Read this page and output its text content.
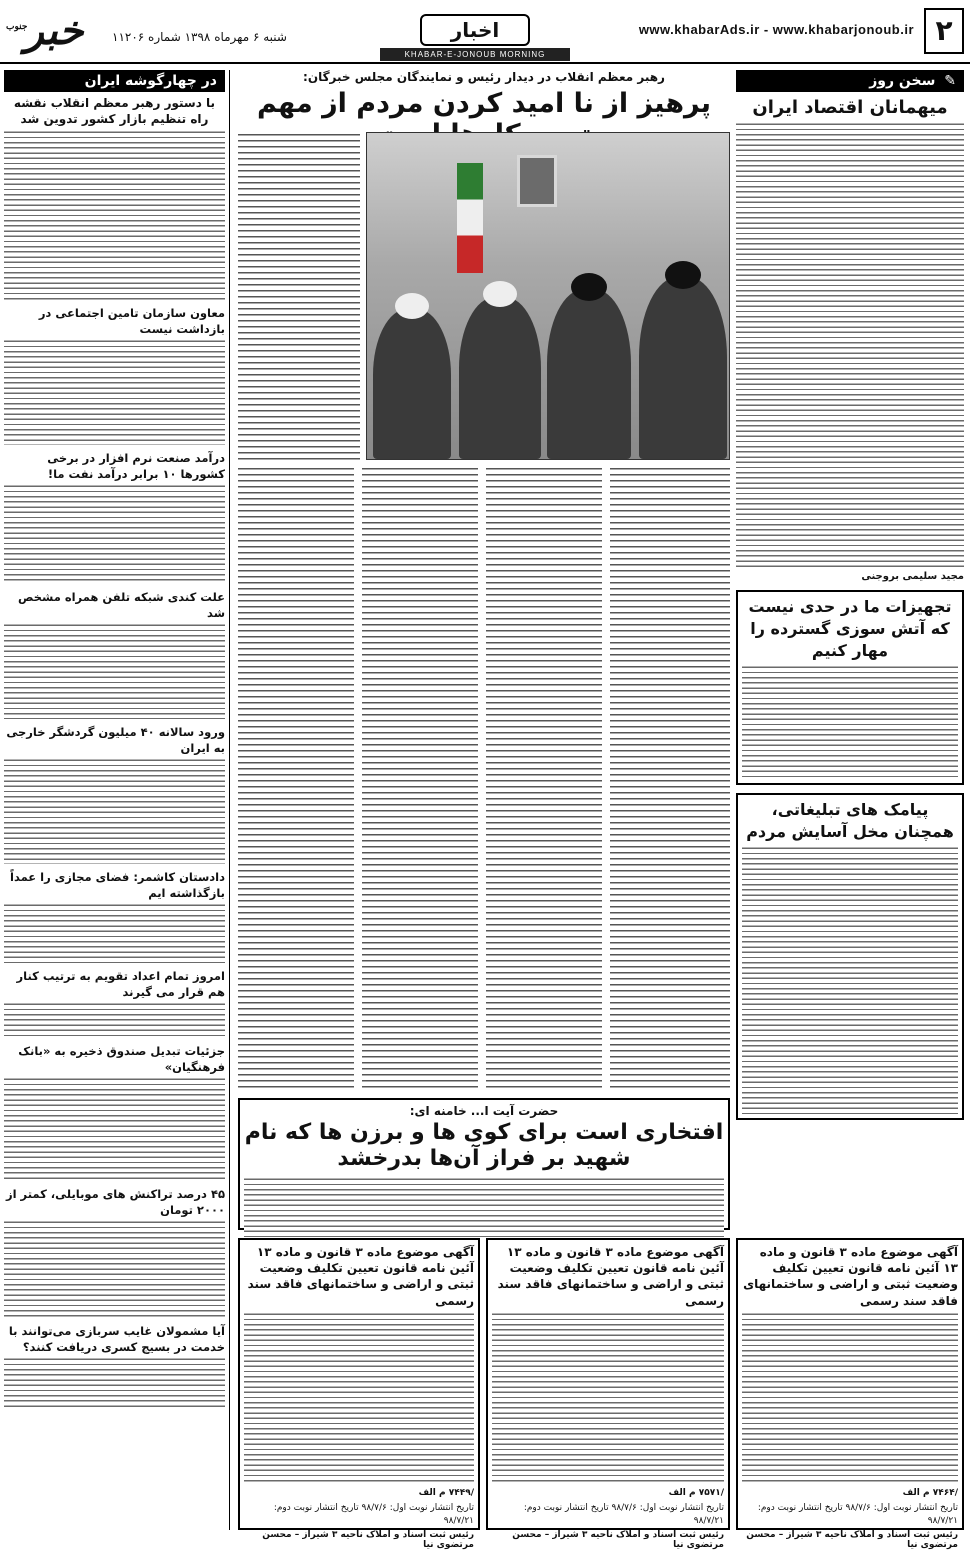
۲
www.khabarAds.ir - www.khabarjonoub.ir
اخبار
KHABAR-E-JONOUB MORNING NEWSPAPER
شنبه ۶ مهرماه ۱۳۹۸ شماره ۱۱۲۰۶
خبر
جنوب
✎ سخن روز
میهمانان اقتصاد ایران
مجید سلیمی بروجنی
تجهیزات ما در حدی نیست که آتش سوزی گسترده را مهار کنیم
پیامک های تبلیغاتی، همچنان مخل آسایش مردم
رهبر معظم انقلاب در دیدار رئیس و نمایندگان مجلس خبرگان:
پرهیز از نا امید کردن مردم از مهم
حضرت آیت ا... خامنه ای:
افتخاری است برای کوی ها و برزن ها که نام شهید بر فراز آن‌ها بدرخشد
در چهارگوشه ایران
با دستور رهبر معظم انقلاب نقشه راه تنظیم بازار کشور تدوین شد
معاون سازمان تامین اجتماعی در بازداشت نیست
درآمد صنعت نرم افزار در برخی کشورها ۱۰ برابر درآمد نفت ما!
علت کندی شبکه تلفن همراه مشخص شد
ورود سالانه ۴۰ میلیون گردشگر خارجی به ایران
دادستان کاشمر: فضای مجازی را عمداً بازگذاشته ایم
امروز تمام اعداد تقویم به ترتیب کنار هم قرار می گیرند
جزئیات تبدیل صندوق ذخیره به «بانک فرهنگیان»
۴۵ درصد تراکنش های موبایلی، کمتر از ۲۰۰۰ تومان
آیا مشمولان غایب سربازی می‌توانند با خدمت در بسیج کسری دریافت کنند؟
آگهی موضوع ماده ۳ قانون و ماده ۱۳ آئین نامه قانون تعیین تکلیف وضعیت ثبتی و اراضی و ساختمانهای فاقد سند رسمی
/۷۴۶۴ م الف
تاریخ انتشار نوبت اول: ۹۸/۷/۶ تاریخ انتشار نوبت دوم: ۹۸/۷/۲۱
رئیس ثبت اسناد و املاک ناحیه ۳ شیراز – محسن مرتضوی نیا
آگهی موضوع ماده ۳ قانون و ماده ۱۳ آئین نامه قانون تعیین تکلیف وضعیت ثبتی و اراضی و ساختمانهای فاقد سند رسمی
/۷۵۷۱ م الف
تاریخ انتشار نوبت اول: ۹۸/۷/۶ تاریخ انتشار نوبت دوم: ۹۸/۷/۲۱
رئیس ثبت اسناد و املاک ناحیه ۳ شیراز – محسن مرتضوی نیا
آگهی موضوع ماده ۳ قانون و ماده ۱۳ آئین نامه قانون تعیین تکلیف وضعیت ثبتی و اراضی و ساختمانهای فاقد سند رسمی
/۷۴۴۹ م الف
تاریخ انتشار نوبت اول: ۹۸/۷/۶ تاریخ انتشار نوبت دوم: ۹۸/۷/۲۱
رئیس ثبت اسناد و املاک ناحیه ۳ شیراز – محسن مرتضوی نیا
